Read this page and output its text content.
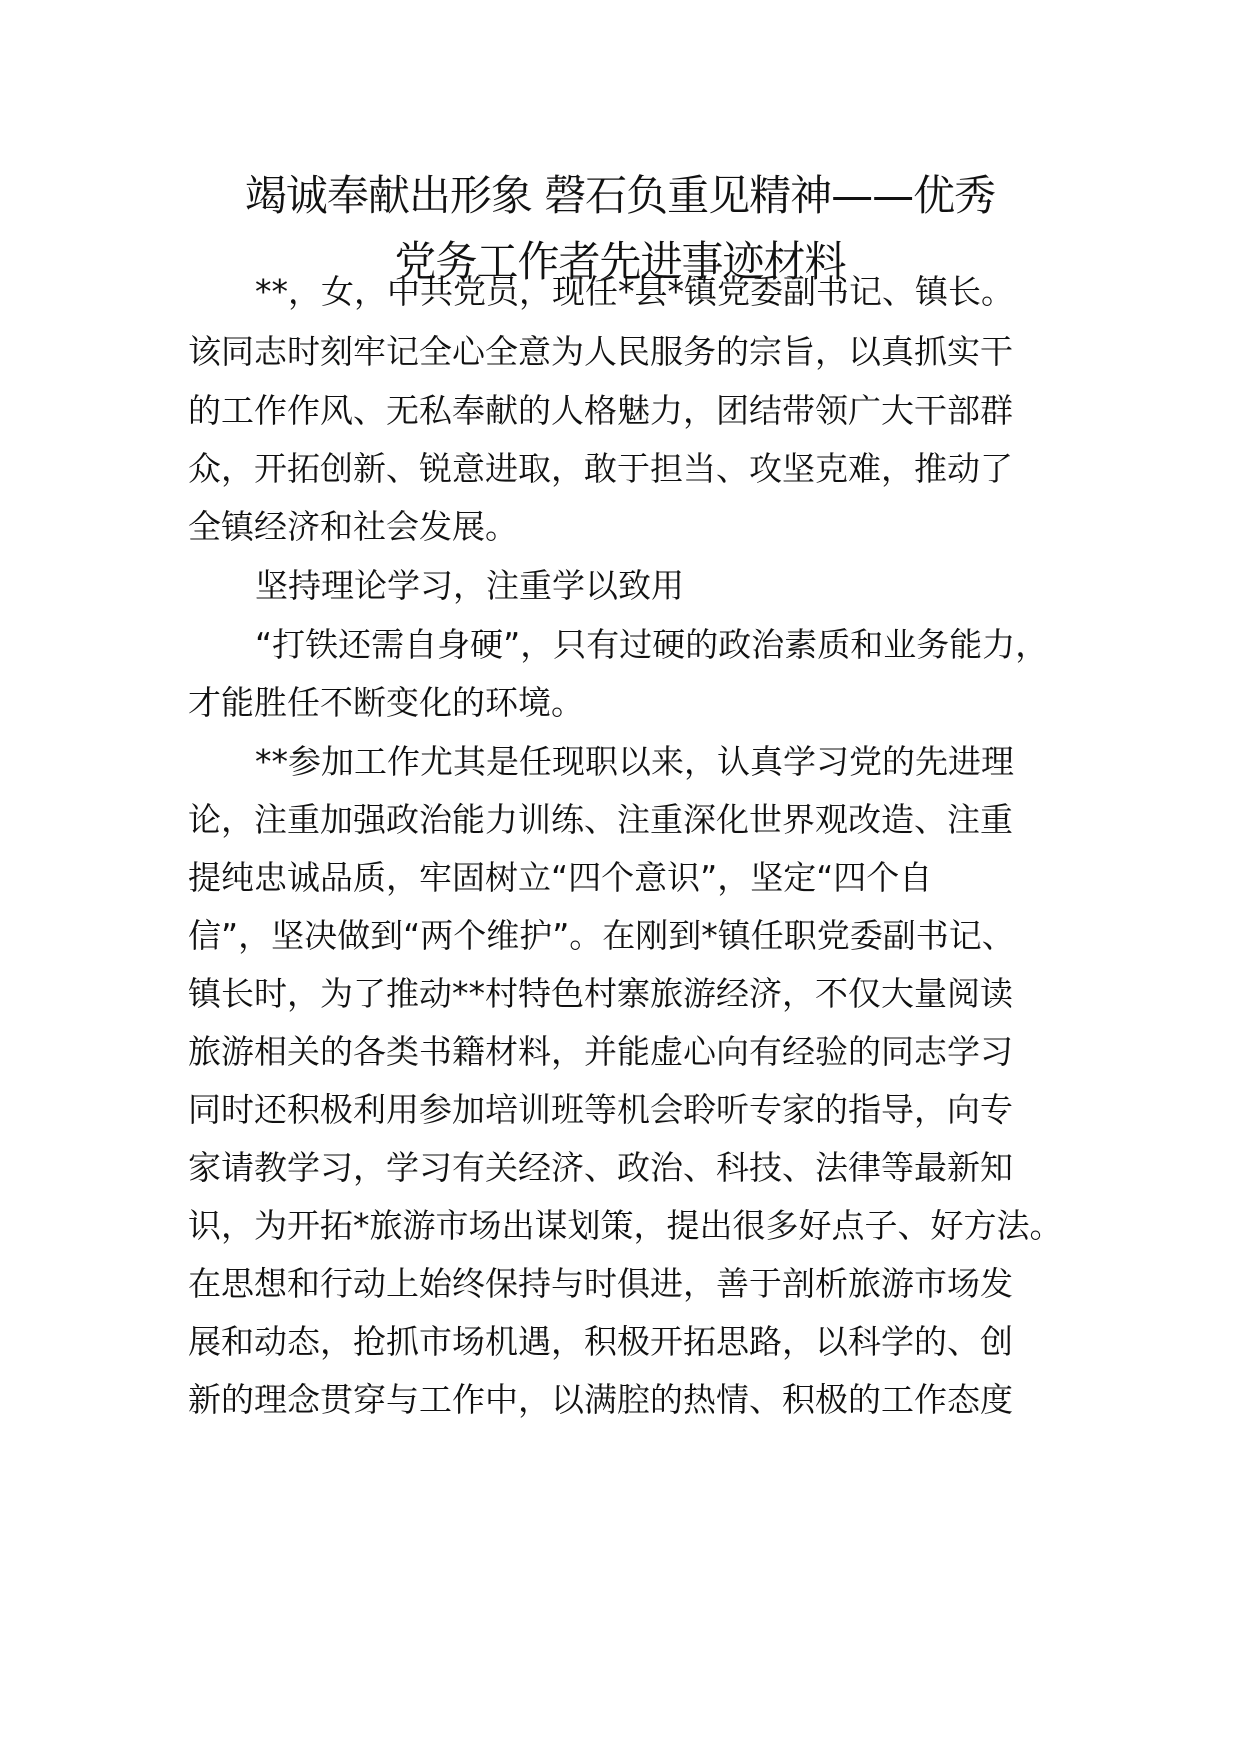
竭诚奉献出形象 磬石负重见精神——优秀
党务工作者先进事迹材料
**，女，中共党员，现任*县*镇党委副书记、镇长。
该同志时刻牢记全心全意为人民服务的宗旨，以真抓实干
的工作作风、无私奉献的人格魅力，团结带领广大干部群
众，开拓创新、锐意进取，敢于担当、攻坚克难，推动了
全镇经济和社会发展。
坚持理论学习，注重学以致用
“打铁还需自身硬”，只有过硬的政治素质和业务能力，
才能胜任不断变化的环境。
**参加工作尤其是任现职以来，认真学习党的先进理
论，注重加强政治能力训练、注重深化世界观改造、注重
提纯忠诚品质，牢固树立“四个意识”，坚定“四个自
信”，坚决做到“两个维护”。在刚到*镇任职党委副书记、
镇长时，为了推动**村特色村寨旅游经济，不仅大量阅读
旅游相关的各类书籍材料，并能虚心向有经验的同志学习
同时还积极利用参加培训班等机会聆听专家的指导，向专
家请教学习，学习有关经济、政治、科技、法律等最新知
识，为开拓*旅游市场出谋划策，提出很多好点子、好方法。
在思想和行动上始终保持与时俱进，善于剖析旅游市场发
展和动态，抢抓市场机遇，积极开拓思路，以科学的、创
新的理念贯穿与工作中，以满腔的热情、积极的工作态度
